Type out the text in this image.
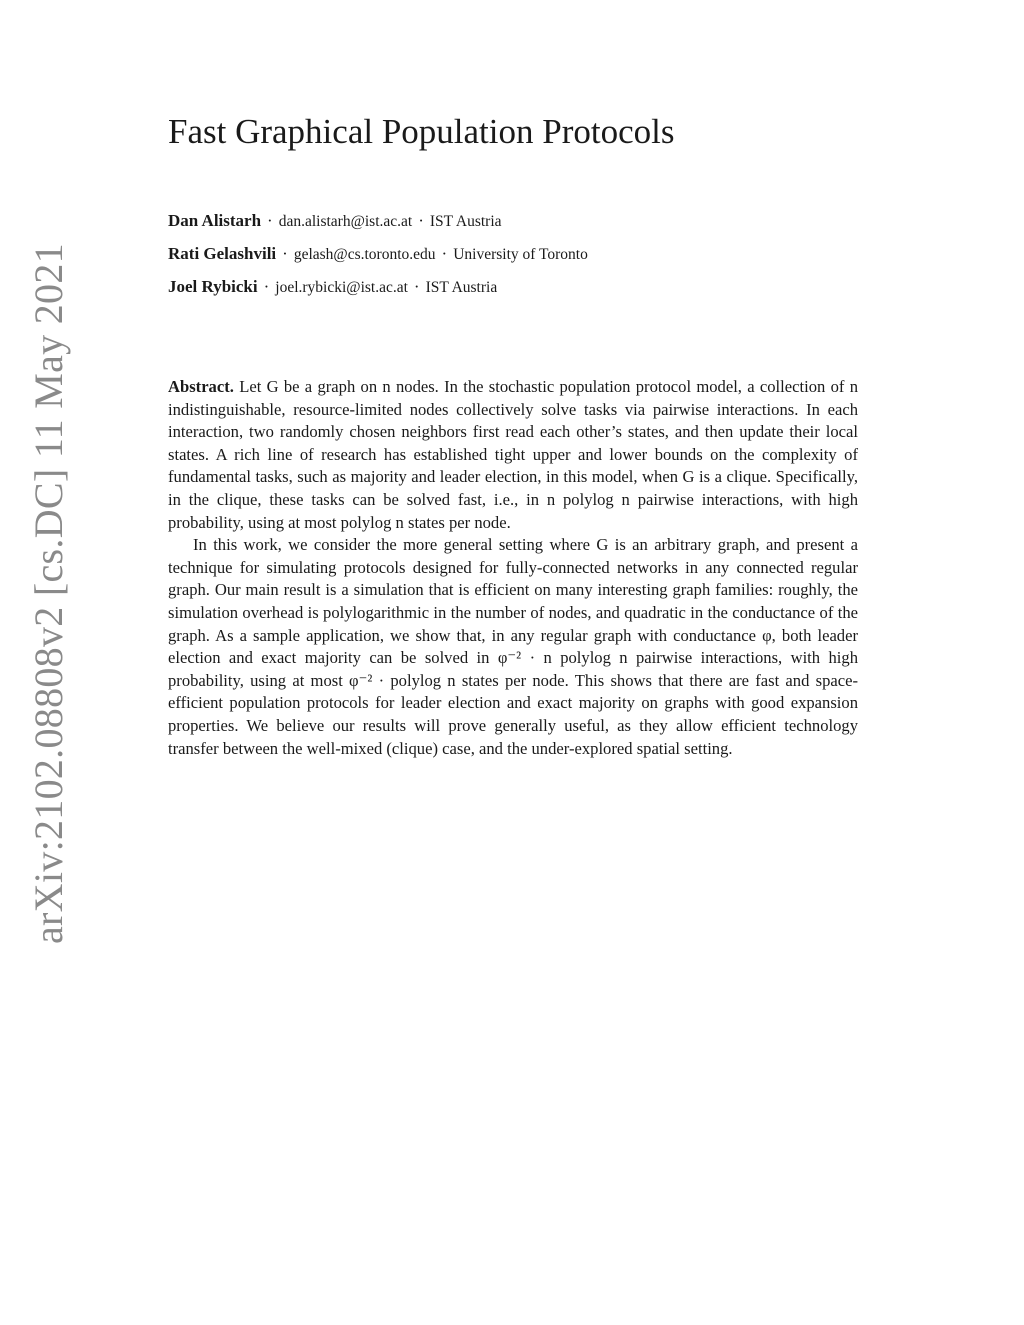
arXiv:2102.08808v2 [cs.DC] 11 May 2021
Fast Graphical Population Protocols
Dan Alistarh · dan.alistarh@ist.ac.at · IST Austria
Rati Gelashvili · gelash@cs.toronto.edu · University of Toronto
Joel Rybicki · joel.rybicki@ist.ac.at · IST Austria

Abstract. Let G be a graph on n nodes. In the stochastic population protocol model, a collection of n indistinguishable, resource-limited nodes collectively solve tasks via pairwise interactions. In each interaction, two randomly chosen neighbors first read each other’s states, and then update their local states. A rich line of research has established tight upper and lower bounds on the complexity of fundamental tasks, such as majority and leader election, in this model, when G is a clique. Specifically, in the clique, these tasks can be solved fast, i.e., in n polylog n pairwise interactions, with high probability, using at most polylog n states per node.

In this work, we consider the more general setting where G is an arbitrary graph, and present a technique for simulating protocols designed for fully-connected networks in any connected regular graph. Our main result is a simulation that is efficient on many interesting graph families: roughly, the simulation overhead is polylogarithmic in the number of nodes, and quadratic in the conductance of the graph. As a sample application, we show that, in any regular graph with conductance φ, both leader election and exact majority can be solved in φ⁻² · n polylog n pairwise interactions, with high probability, using at most φ⁻² · polylog n states per node. This shows that there are fast and space-efficient population protocols for leader election and exact majority on graphs with good expansion properties. We believe our results will prove generally useful, as they allow efficient technology transfer between the well-mixed (clique) case, and the under-explored spatial setting.
